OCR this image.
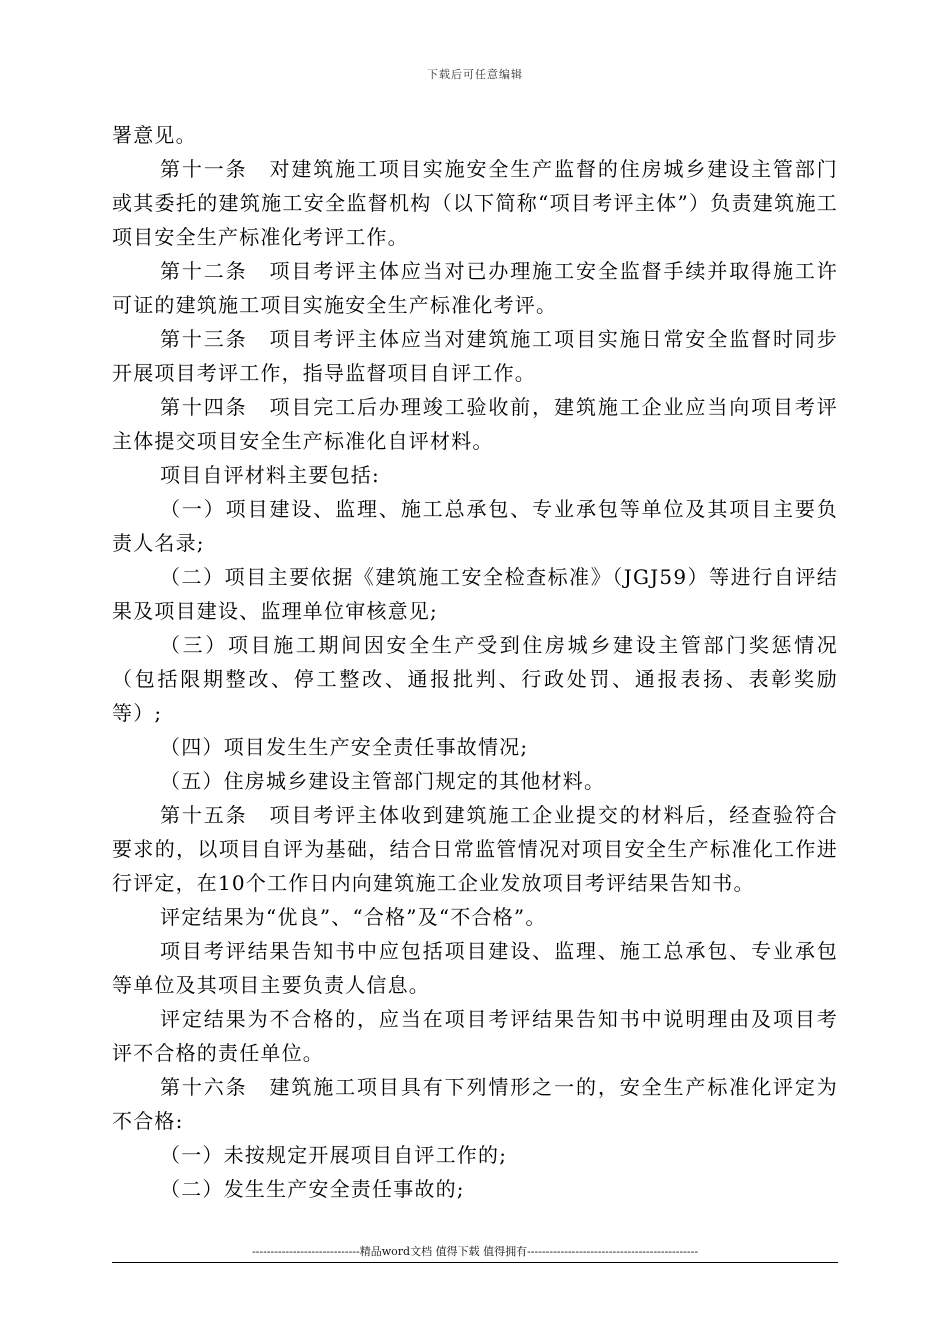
下载后可任意编辑

署意见。

第十一条　对建筑施工项目实施安全生产监督的住房城乡建设主管部门或其委托的建筑施工安全监督机构（以下简称“项目考评主体”）负责建筑施工项目安全生产标准化考评工作。

第十二条　项目考评主体应当对已办理施工安全监督手续并取得施工许可证的建筑施工项目实施安全生产标准化考评。

第十三条　项目考评主体应当对建筑施工项目实施日常安全监督时同步开展项目考评工作，指导监督项目自评工作。

第十四条　项目完工后办理竣工验收前，建筑施工企业应当向项目考评主体提交项目安全生产标准化自评材料。

项目自评材料主要包括:

（一）项目建设、监理、施工总承包、专业承包等单位及其项目主要负责人名录;

（二）项目主要依据《建筑施工安全检查标准》（JGJ59）等进行自评结果及项目建设、监理单位审核意见;

（三）项目施工期间因安全生产受到住房城乡建设主管部门奖惩情况（包括限期整改、停工整改、通报批判、行政处罚、通报表扬、表彰奖励等）;

（四）项目发生生产安全责任事故情况;

（五）住房城乡建设主管部门规定的其他材料。

第十五条　项目考评主体收到建筑施工企业提交的材料后，经查验符合要求的，以项目自评为基础，结合日常监管情况对项目安全生产标准化工作进行评定，在10个工作日内向建筑施工企业发放项目考评结果告知书。

评定结果为“优良”、“合格”及“不合格”。

项目考评结果告知书中应包括项目建设、监理、施工总承包、专业承包等单位及其项目主要负责人信息。

评定结果为不合格的，应当在项目考评结果告知书中说明理由及项目考评不合格的责任单位。

第十六条　建筑施工项目具有下列情形之一的，安全生产标准化评定为不合格:

（一）未按规定开展项目自评工作的;

（二）发生生产安全责任事故的;

-----------------------------精品word文档 值得下载 值得拥有----------------------------------------------
